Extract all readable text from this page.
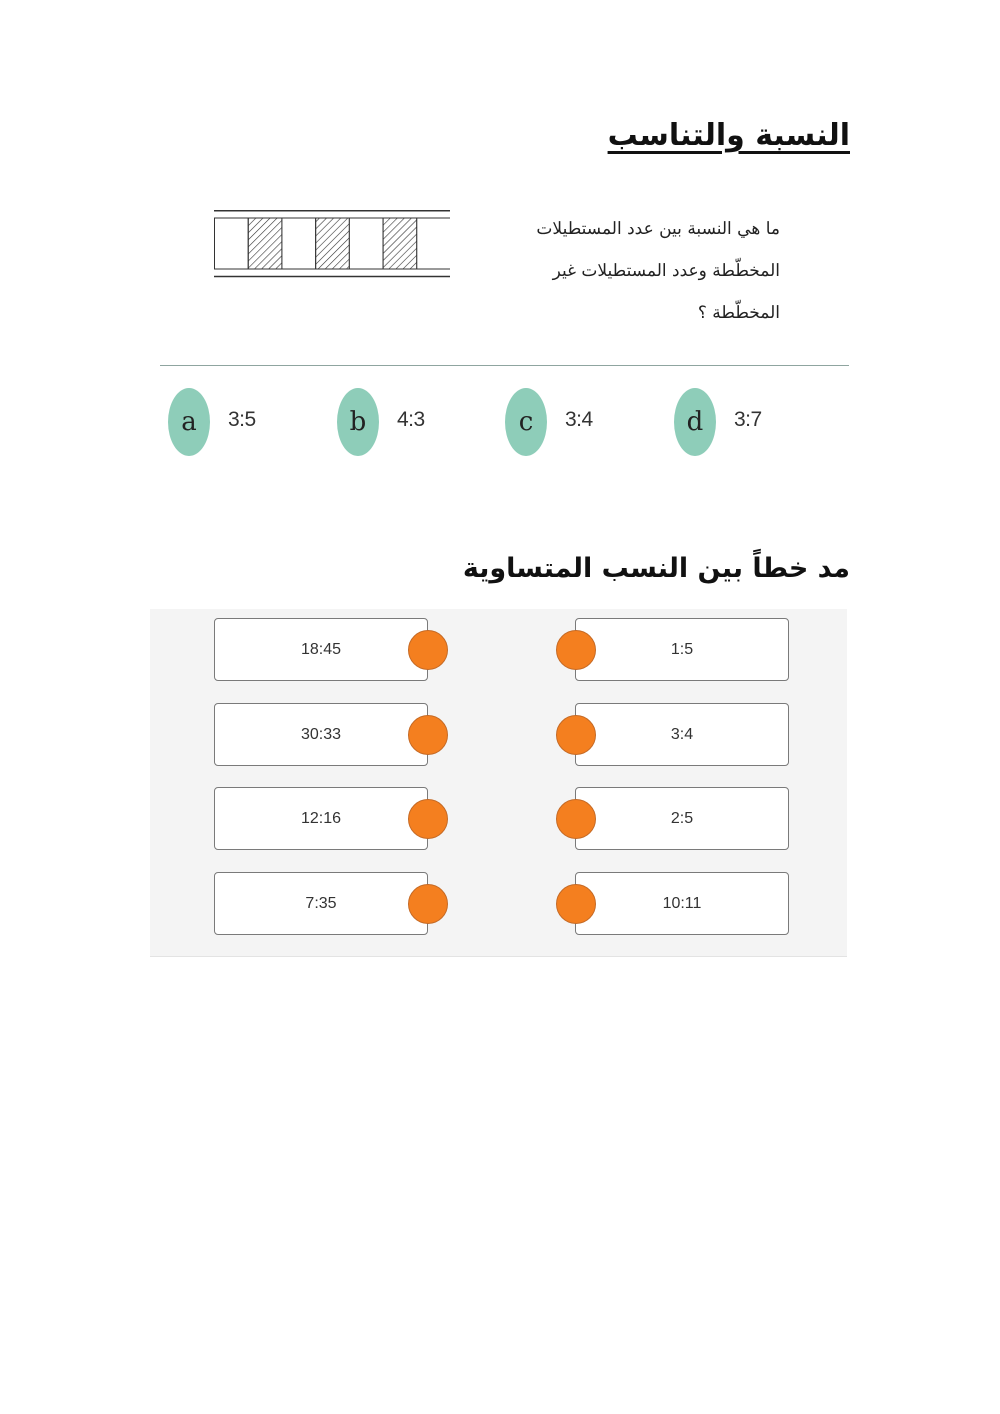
النسبة والتناسب

ما هي النسبة بين عدد المستطيلات المخطّطة وعدد المستطيلات غير المخطّطة ؟

a	3:5	b	4:3	c	3:4	d	3:7
مد خطاً بين النسب المتساوية
18:45
30:33
12:16
7:35
1:5
3:4
2:5
10:11
